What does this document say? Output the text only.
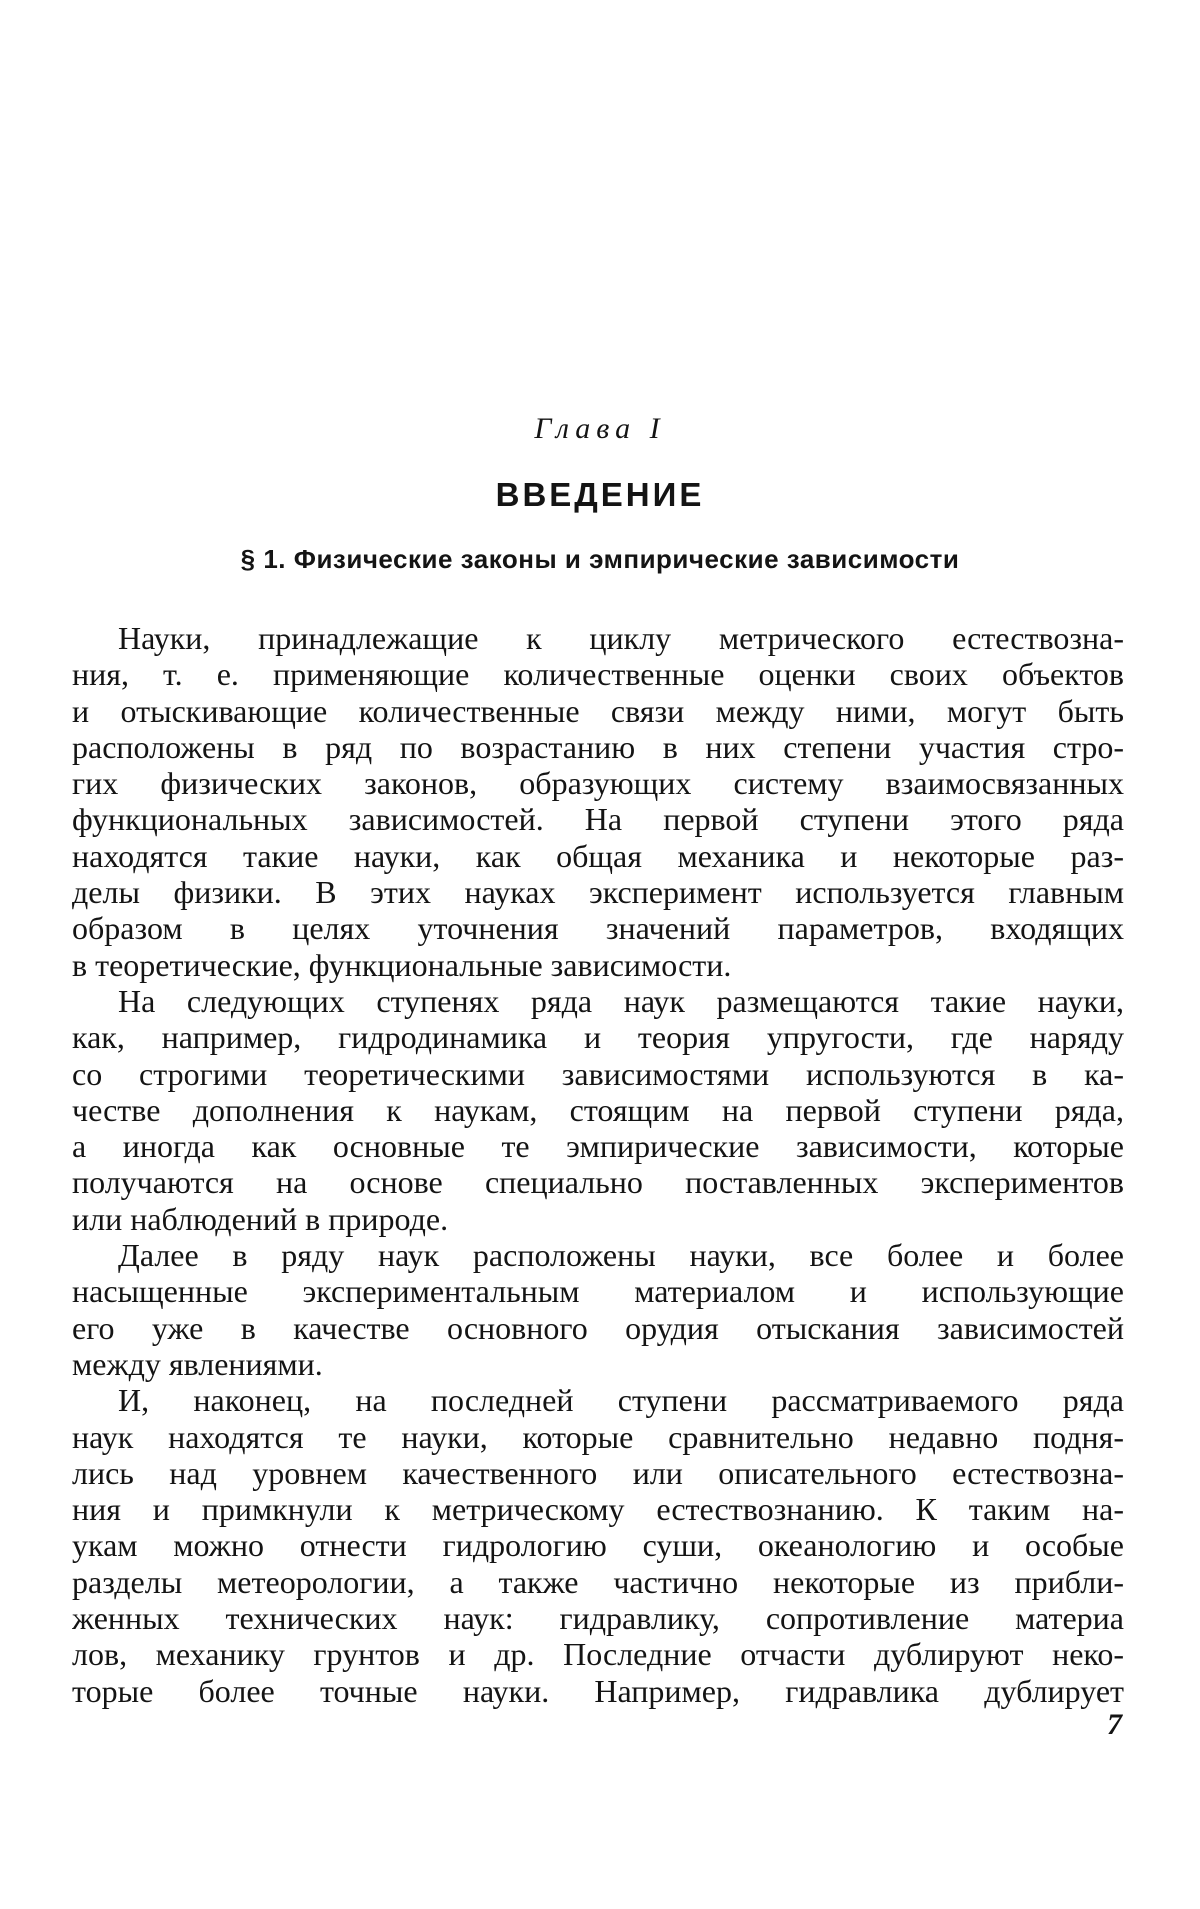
Глава I
ВВЕДЕНИЕ
§ 1. Физические законы и эмпирические зависимости
Науки, принадлежащие к циклу метрического естествозна-
ния, т. е. применяющие количественные оценки своих объектов
и отыскивающие количественные связи между ними, могут быть
расположены в ряд по возрастанию в них степени участия стро-
гих физических законов, образующих систему взаимосвязанных
функциональных зависимостей. На первой ступени этого ряда
находятся такие науки, как общая механика и некоторые раз-
делы физики. В этих науках эксперимент используется главным
образом в целях уточнения значений параметров, входящих
в теоретические, функциональные зависимости.
На следующих ступенях ряда наук размещаются такие науки,
как, например, гидродинамика и теория упругости, где наряду
со строгими теоретическими зависимостями используются в ка-
честве дополнения к наукам, стоящим на первой ступени ряда,
а иногда как основные те эмпирические зависимости, которые
получаются на основе специально поставленных экспериментов
или наблюдений в природе.
Далее в ряду наук расположены науки, все более и более
насыщенные экспериментальным материалом и использующие
его уже в качестве основного орудия отыскания зависимостей
между явлениями.
И, наконец, на последней ступени рассматриваемого ряда
наук находятся те науки, которые сравнительно недавно подня-
лись над уровнем качественного или описательного естествозна-
ния и примкнули к метрическому естествознанию. К таким на-
укам можно отнести гидрологию суши, океанологию и особые
разделы метеорологии, а также частично некоторые из прибли-
женных технических наук: гидравлику, сопротивление материа
лов, механику грунтов и др. Последние отчасти дублируют неко-
торые более точные науки. Например, гидравлика дублирует
7
